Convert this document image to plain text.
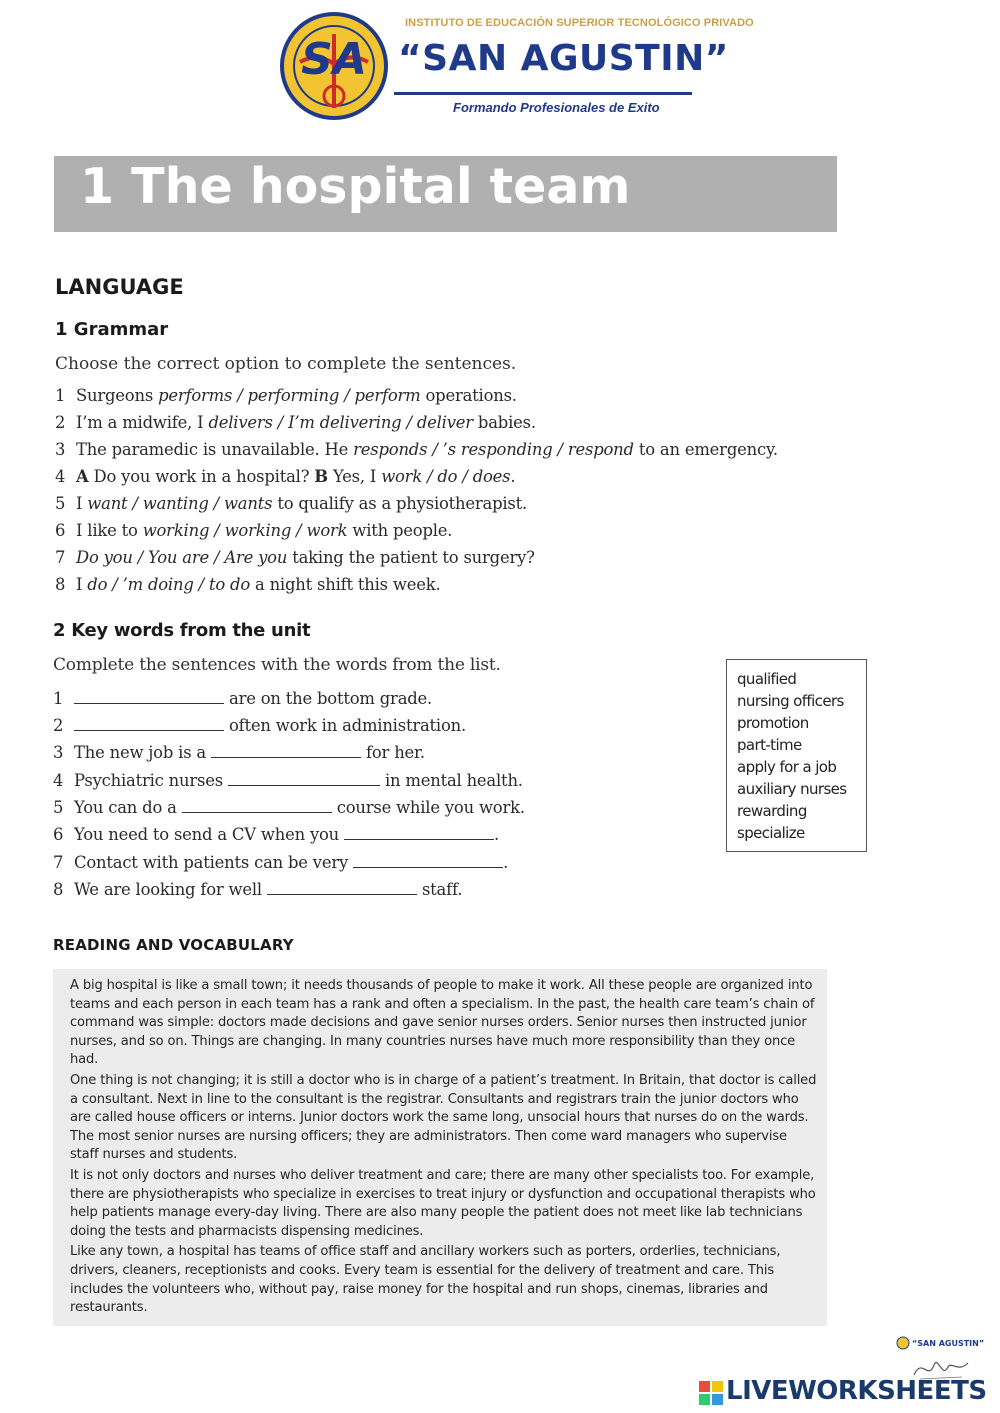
SA
INSTITUTO DE EDUCACIÓN SUPERIOR TECNOLÓGICO PRIVADO
“SAN AGUSTIN”
Formando Profesionales de Exito
1 The hospital team
LANGUAGE
1 Grammar
Choose the correct option to complete the sentences.
1 Surgeons performs / performing / perform operations.
2 I’m a midwife, I delivers / I’m delivering / deliver babies.
3 The paramedic is unavailable. He responds / ’s responding / respond to an emergency.
4 A Do you work in a hospital? B Yes, I work / do / does.
5 I want / wanting / wants to qualify as a physiotherapist.
6 I like to working / working / work with people.
7 Do you / You are / Are you taking the patient to surgery?
8 I do / ’m doing / to do a night shift this week.
2 Key words from the unit
Complete the sentences with the words from the list.
1	are on the bottom grade.
2	often work in administration.
3 The new job is a	for her.
4 Psychiatric nurses	in mental health.
5 You can do a	course while you work.
6 You need to send a CV when you	.
7 Contact with patients can be very	.
8 We are looking for well	staff.
qualified
nursing officers
promotion
part-time
apply for a job
auxiliary nurses
rewarding
specialize
READING AND VOCABULARY

A big hospital is like a small town; it needs thousands of people to make it work. All these people are organized into teams and each person in each team has a rank and often a specialism. In the past, the health care team’s chain of command was simple: doctors made decisions and gave senior nurses orders. Senior nurses then instructed junior nurses, and so on. Things are changing. In many countries nurses have much more responsibility than they once had.

One thing is not changing; it is still a doctor who is in charge of a patient’s treatment. In Britain, that doctor is called a consultant. Next in line to the consultant is the registrar. Consultants and registrars train the junior doctors who are called house officers or interns. Junior doctors work the same long, unsocial hours that nurses do on the wards. The most senior nurses are nursing officers; they are administrators. Then come ward managers who supervise staff nurses and students.

It is not only doctors and nurses who deliver treatment and care; there are many other specialists too. For example, there are physiotherapists who specialize in exercises to treat injury or dysfunction and occupational therapists who help patients manage every-day living. There are also many people the patient does not meet like lab technicians doing the tests and pharmacists dispensing medicines.

Like any town, a hospital has teams of office staff and ancillary workers such as porters, orderlies, technicians, drivers, cleaners, receptionists and cooks. Every team is essential for the delivery of treatment and care. This includes the volunteers who, without pay, raise money for the hospital and run shops, cinemas, libraries and restaurants.

“SAN AGUSTIN”
LIVEWORKSHEETS
